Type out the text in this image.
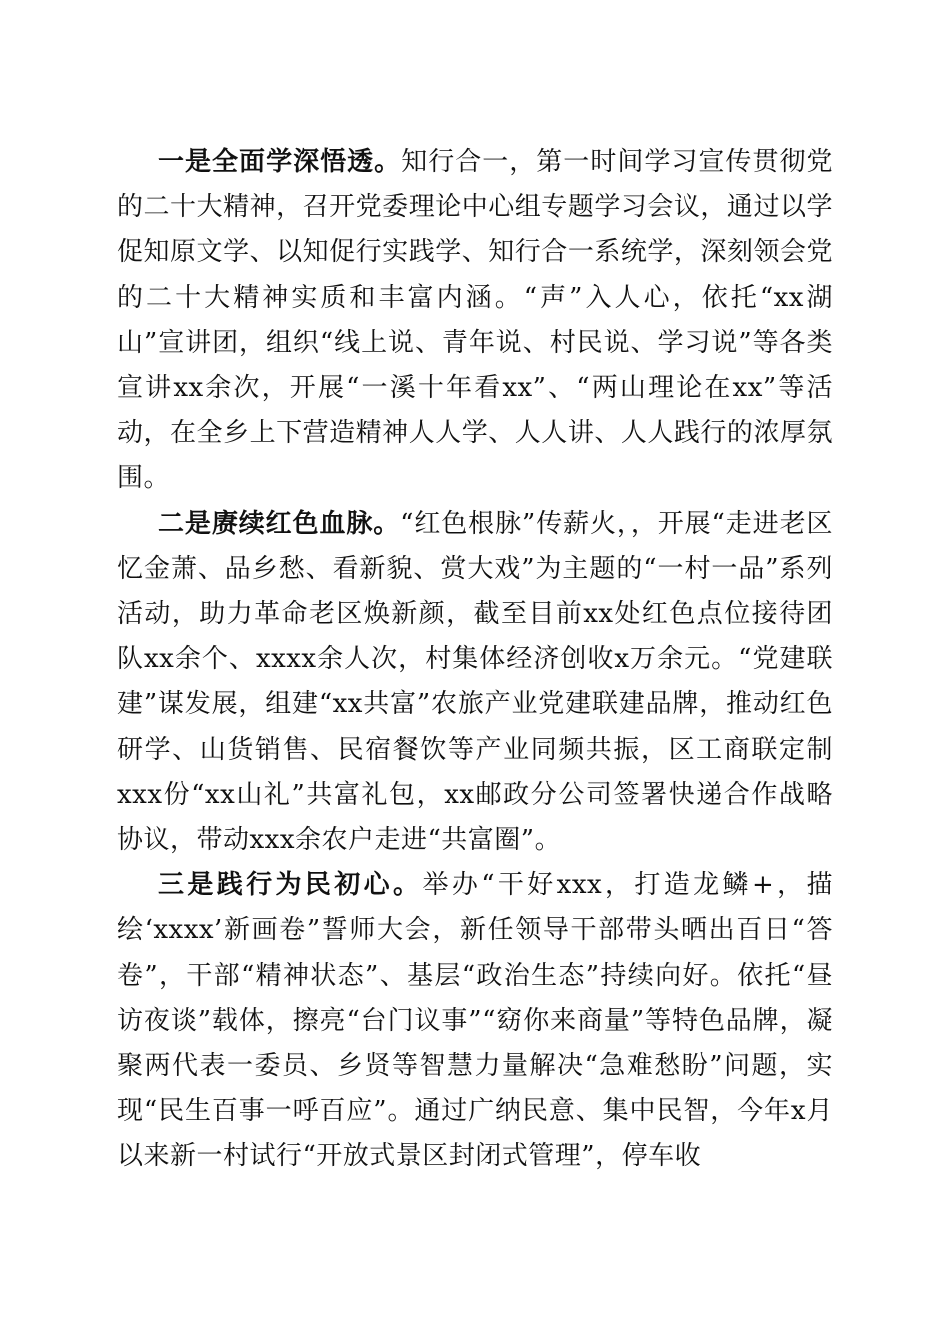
一是全面学深悟透。知行合一，第一时间学习宣传贯彻党的二十大精神，召开党委理论中心组专题学习会议，通过以学促知原文学、以知促行实践学、知行合一系统学，深刻领会党的二十大精神实质和丰富内涵。“声”入人心，依托“xx湖山”宣讲团，组织“线上说、青年说、村民说、学习说”等各类宣讲xx余次，开展“一溪十年看xx”、“两山理论在xx”等活动，在全乡上下营造精神人人学、人人讲、人人践行的浓厚氛围。

二是赓续红色血脉。“红色根脉”传薪火，，开展“走进老区忆金萧、品乡愁、看新貌、赏大戏”为主题的“一村一品”系列活动，助力革命老区焕新颜，截至目前xx处红色点位接待团队xx余个、xxxx余人次，村集体经济创收x万余元。“党建联建”谋发展，组建“xx共富”农旅产业党建联建品牌，推动红色研学、山货销售、民宿餐饮等产业同频共振，区工商联定制xxx份“xx山礼”共富礼包，xx邮政分公司签署快递合作战略协议，带动xxx余农户走进“共富圈”。

三是践行为民初心。举办“干好xxx，打造龙鳞+，描绘‘xxxx’新画卷”誓师大会，新任领导干部带头晒出百日“答卷”，干部“精神状态”、基层“政治生态”持续向好。依托“昼访夜谈”载体，擦亮“台门议事”“窈你来商量”等特色品牌，凝聚两代表一委员、乡贤等智慧力量解决“急难愁盼”问题，实现“民生百事一呼百应”。通过广纳民意、集中民智，今年x月以来新一村试行“开放式景区封闭式管理”，停车收
